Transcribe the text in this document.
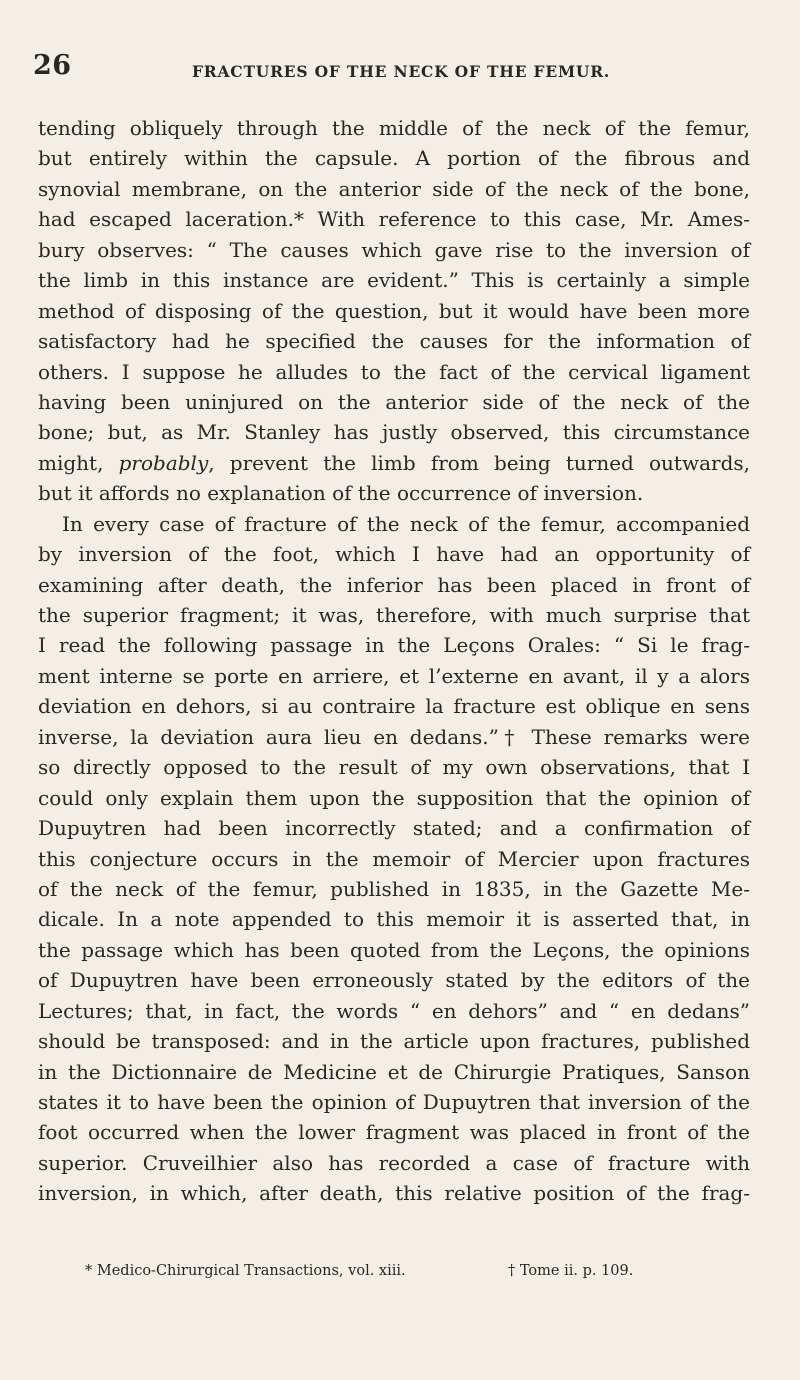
26	FRACTURES OF THE NECK OF THE FEMUR.
tending obliquely through the middle of the neck of the femur,
but entirely within the capsule. A portion of the fibrous and
synovial membrane, on the anterior side of the neck of the bone,
had escaped laceration.* With reference to this case, Mr. Ames-
bury observes: “ The causes which gave rise to the inversion of
the limb in this instance are evident.” This is certainly a simple
method of disposing of the question, but it would have been more
satisfactory had he specified the causes for the information of
others. I suppose he alludes to the fact of the cervical ligament
having been uninjured on the anterior side of the neck of the
bone; but, as Mr. Stanley has justly observed, this circumstance
might, probably, prevent the limb from being turned outwards,
but it affords no explanation of the occurrence of inversion.
In every case of fracture of the neck of the femur, accompanied
by inversion of the foot, which I have had an opportunity of
examining after death, the inferior has been placed in front of
the superior fragment; it was, therefore, with much surprise that
I read the following passage in the Leçons Orales: “ Si le frag-
ment interne se porte en arriere, et l’externe en avant, il y a alors
deviation en dehors, si au contraire la fracture est oblique en sens
inverse, la deviation aura lieu en dedans.”† These remarks were
so directly opposed to the result of my own observations, that I
could only explain them upon the supposition that the opinion of
Dupuytren had been incorrectly stated; and a confirmation of
this conjecture occurs in the memoir of Mercier upon fractures
of the neck of the femur, published in 1835, in the Gazette Me-
dicale. In a note appended to this memoir it is asserted that, in
the passage which has been quoted from the Leçons, the opinions
of Dupuytren have been erroneously stated by the editors of the
Lectures; that, in fact, the words “ en dehors” and “ en dedans”
should be transposed: and in the article upon fractures, published
in the Dictionnaire de Medicine et de Chirurgie Pratiques, Sanson
states it to have been the opinion of Dupuytren that inversion of the
foot occurred when the lower fragment was placed in front of the
superior. Cruveilhier also has recorded a case of fracture with
inversion, in which, after death, this relative position of the frag-
* Medico-Chirurgical Transactions, vol. xiii.	† Tome ii. p. 109.
